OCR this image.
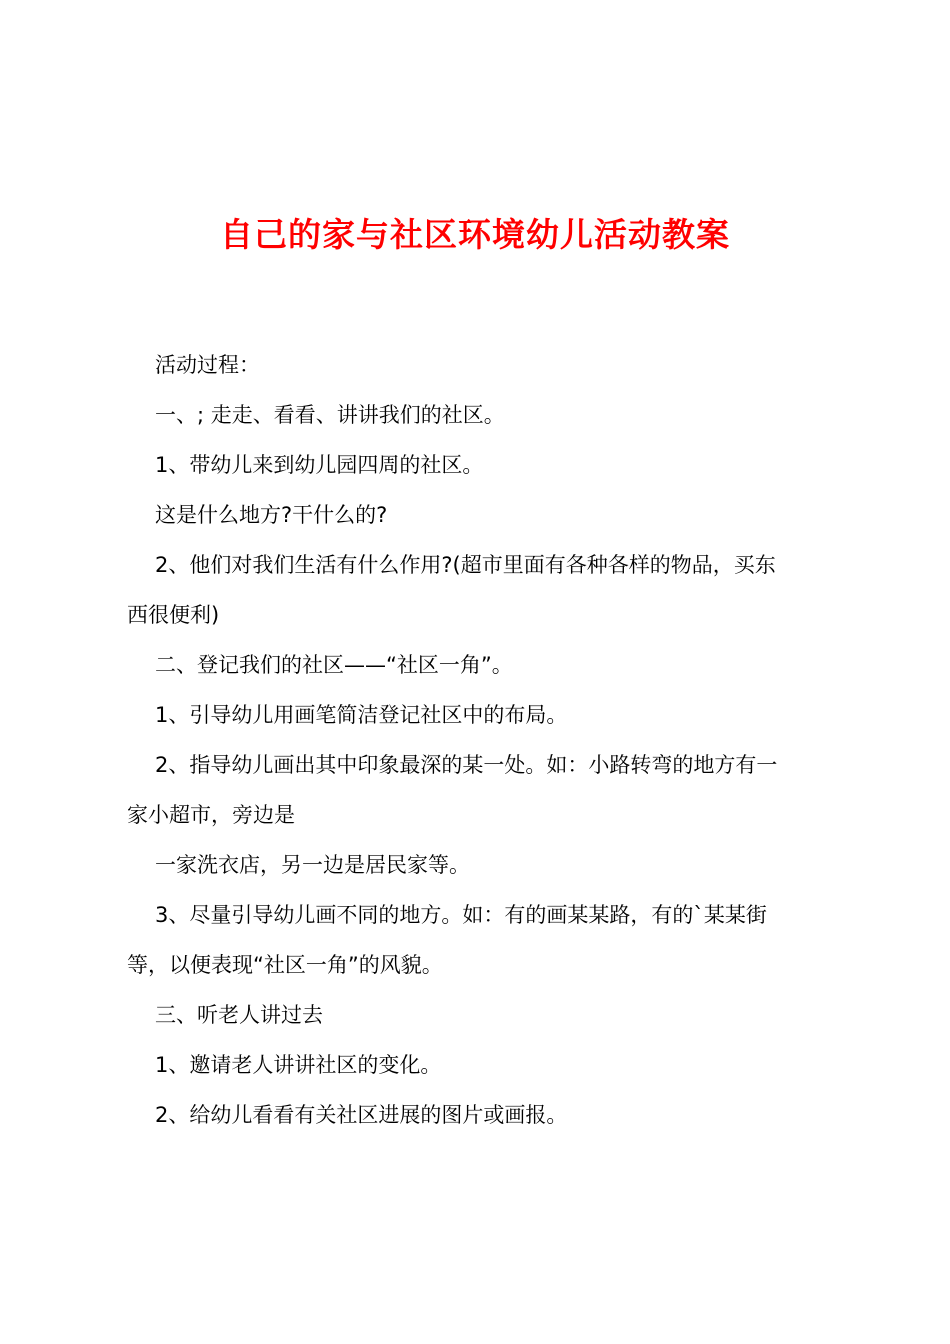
自己的家与社区环境幼儿活动教案
活动过程：
一、; 走走、看看、讲讲我们的社区。
1、带幼儿来到幼儿园四周的社区。
这是什么地方?干什么的?
2、他们对我们生活有什么作用?(超市里面有各种各样的物品，买东
西很便利)
二、登记我们的社区——“社区一角”。
1、引导幼儿用画笔简洁登记社区中的布局。
2、指导幼儿画出其中印象最深的某一处。如：小路转弯的地方有一
家小超市，旁边是
一家洗衣店，另一边是居民家等。
3、尽量引导幼儿画不同的地方。如：有的画某某路，有的`某某街
等，以便表现“社区一角”的风貌。
三、听老人讲过去
1、邀请老人讲讲社区的变化。
2、给幼儿看看有关社区进展的图片或画报。
